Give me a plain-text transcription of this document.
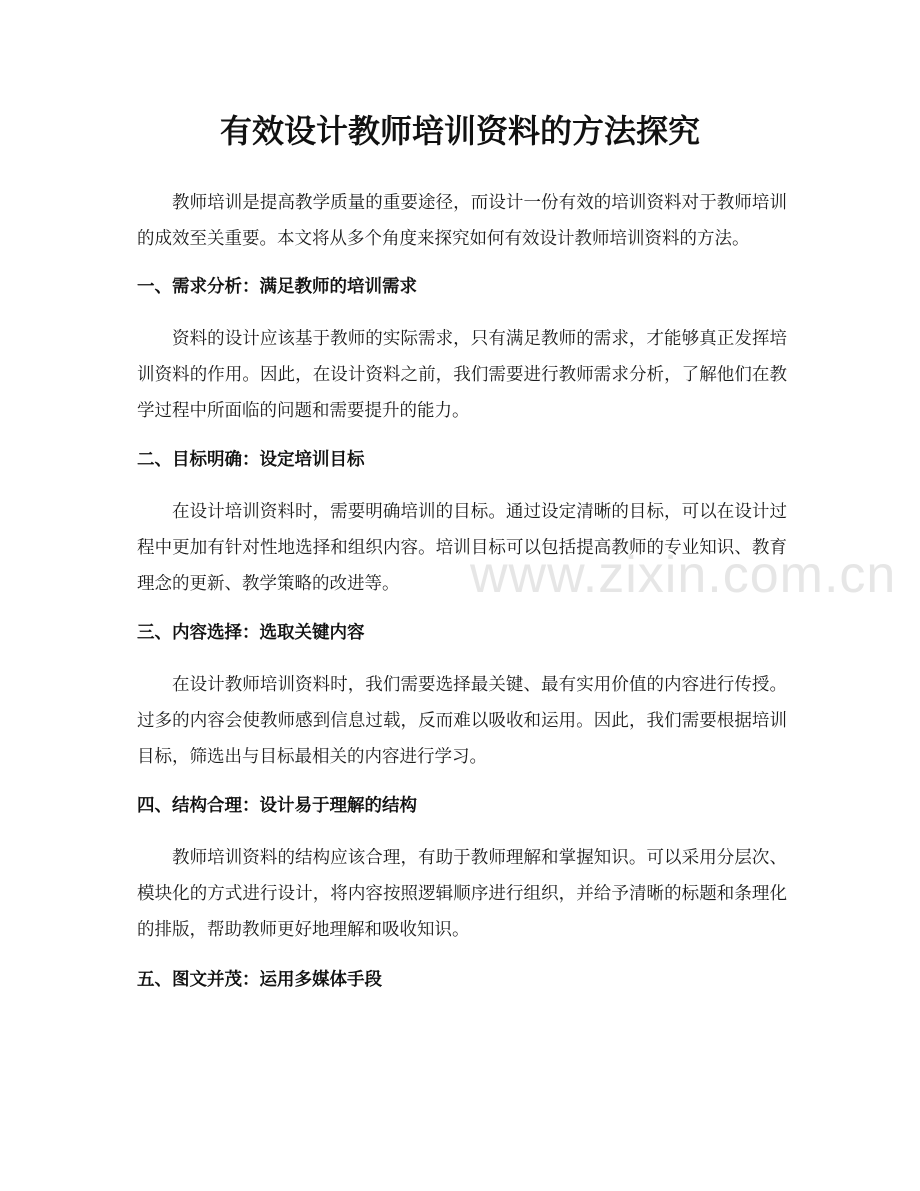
有效设计教师培训资料的方法探究

教师培训是提高教学质量的重要途径，而设计一份有效的培训资料对于教师培训的成效至关重要。本文将从多个角度来探究如何有效设计教师培训资料的方法。

一、需求分析：满足教师的培训需求

资料的设计应该基于教师的实际需求，只有满足教师的需求，才能够真正发挥培训资料的作用。因此，在设计资料之前，我们需要进行教师需求分析，了解他们在教学过程中所面临的问题和需要提升的能力。

二、目标明确：设定培训目标

在设计培训资料时，需要明确培训的目标。通过设定清晰的目标，可以在设计过程中更加有针对性地选择和组织内容。培训目标可以包括提高教师的专业知识、教育理念的更新、教学策略的改进等。

三、内容选择：选取关键内容

在设计教师培训资料时，我们需要选择最关键、最有实用价值的内容进行传授。过多的内容会使教师感到信息过载，反而难以吸收和运用。因此，我们需要根据培训目标，筛选出与目标最相关的内容进行学习。

四、结构合理：设计易于理解的结构

教师培训资料的结构应该合理，有助于教师理解和掌握知识。可以采用分层次、模块化的方式进行设计，将内容按照逻辑顺序进行组织，并给予清晰的标题和条理化的排版，帮助教师更好地理解和吸收知识。

五、图文并茂：运用多媒体手段
www.zixin.com.cn
